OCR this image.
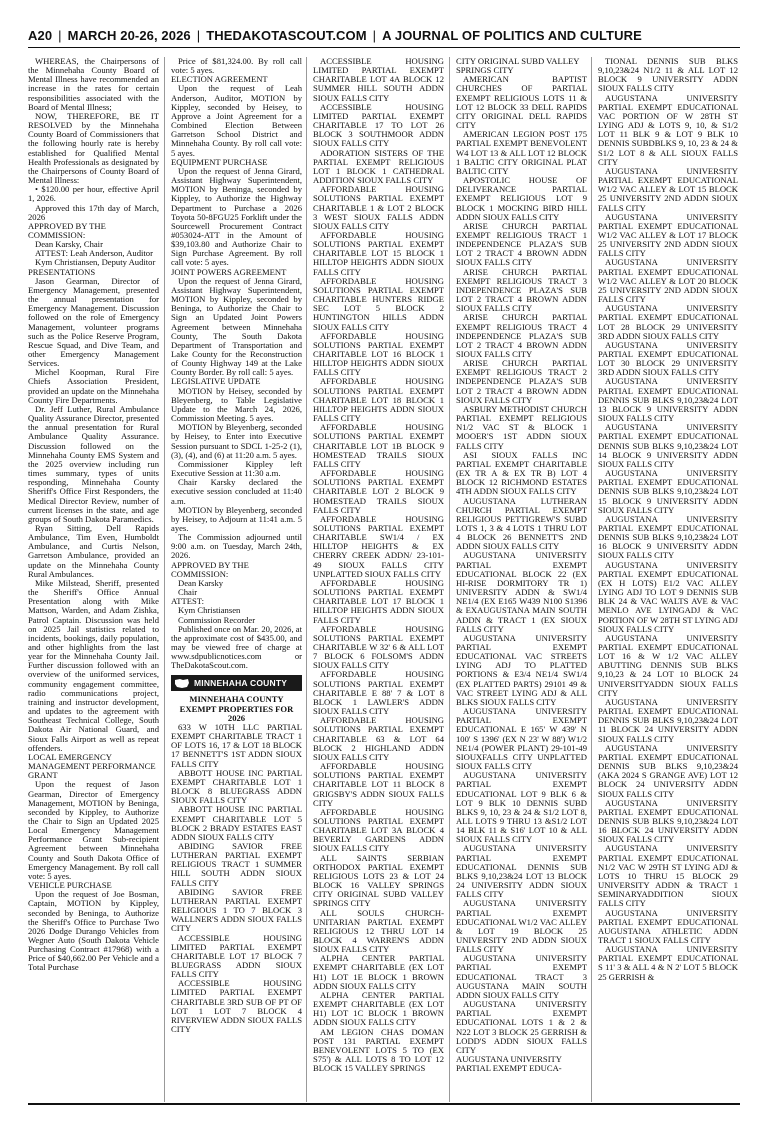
A20 | MARCH 20-26, 2026 | THEDAKOTASCOUT.COM | A JOURNAL OF POLITICS AND CULTURE

WHEREAS, the Chairpersons of the Minnehaha County Board of Mental Illness have recommended an increase in the rates for certain responsibilities associated with the Board of Mental Illness;

NOW, THEREFORE, BE IT RESOLVED by the Minnehaha County Board of Commissioners that the following hourly rate is hereby established for Qualified Mental Health Professionals as designated by the Chairpersons of County Board of Mental Illness:

• $120.00 per hour, effective April 1, 2026.

Approved this 17th day of March, 2026

APPROVED BY THE COMMISSION:

Dean Karsky, Chair

ATTEST: Leah Anderson, Auditor

Kym Christiansen, Deputy Auditor

PRESENTATIONS

Jason Gearman, Director of Emergency Management, presented the annual presentation for Emergency Management. Discussion followed on the role of Emergency Management, volunteer programs such as the Police Reserve Program, Rescue Squad, and Dive Team, and other Emergency Management Services.

Michel Koopman, Rural Fire Chiefs Association President, provided an update on the Minnehaha County Fire Departments.

Dr. Jeff Luther, Rural Ambulance Quality Assurance Director, presented the annual presentation for Rural Ambulance Quality Assurance. Discussion followed on the Minnehaha County EMS System and the 2025 overview including run times summary, types of units responding, Minnehaha County Sheriff's Office First Responders, the Medical Director Review, number of current licenses in the state, and age groups of South Dakota Paramedics.

Ryan Sitting, Dell Rapids Ambulance, Tim Even, Humboldt Ambulance, and Curtis Nelson, Garretson Ambulance, provided an update on the Minnehaha County Rural Ambulances.

Mike Milstead, Sheriff, presented the Sheriff's Office Annual Presentation along with Mike Mattson, Warden, and Adam Zishka, Patrol Captain. Discussion was held on 2025 Jail statistics related to incidents, bookings, daily population, and other highlights from the last year for the Minnehaha County Jail. Further discussion followed with an overview of the uniformed services, community engagement committee, radio communications project, training and instructor development, and updates to the agreement with Southeast Technical College, South Dakota Air National Guard, and Sioux Falls Airport as well as repeat offenders.

LOCAL EMERGENCY MANAGEMENT PERFORMANCE GRANT

Upon the request of Jason Gearman, Director of Emergency Management, MOTION by Beninga, seconded by Kippley, to Authorize the Chair to Sign an Updated 2025 Local Emergency Management Performance Grant Sub-recipient Agreement between Minnehaha County and South Dakota Office of Emergency Management. By roll call vote: 5 ayes.

VEHICLE PURCHASE

Upon the request of Joe Bosman, Captain, MOTION by Kippley, seconded by Beninga, to Authorize the Sheriff's Office to Purchase Two 2026 Dodge Durango Vehicles from Wegner Auto (South Dakota Vehicle Purchasing Contract #17968) with a Price of $40,662.00 Per Vehicle and a Total Purchase

Price of $81,324.00. By roll call vote: 5 ayes.

ELECTION AGREEMENT

Upon the request of Leah Anderson, Auditor, MOTION by Kippley, seconded by Heisey, to Approve a Joint Agreement for a Combined Election Between Garretson School District and Minnehaha County. By roll call vote: 5 ayes.

EQUIPMENT PURCHASE

Upon the request of Jenna Girard, Assistant Highway Superintendent, MOTION by Beninga, seconded by Kippley, to Authorize the Highway Department to Purchase a 2026 Toyota 50-8FGU25 Forklift under the Sourcewell Procurement Contract #053024-ATT in the Amount of $39,103.80 and Authorize Chair to Sign Purchase Agreement. By roll call vote: 5 ayes.

JOINT POWERS AGREEMENT

Upon the request of Jenna Girard, Assistant Highway Superintendent, MOTION by Kippley, seconded by Beninga, to Authorize the Chair to Sign an Updated Joint Powers Agreement between Minnehaha County, The South Dakota Department of Transportation and Lake County for the Reconstruction of County Highway 149 at the Lake County Border. By roll call: 5 ayes.

LEGISLATIVE UPDATE

MOTION by Heisey, seconded by Bleyenberg, to Table Legislative Update to the March 24, 2026, Commission Meeting. 5 ayes.

MOTION by Bleyenberg, seconded by Heisey, to Enter into Executive Session pursuant to SDCL 1-25-2 (1), (3), (4), and (6) at 11:20 a.m. 5 ayes.

Commissioner Kippley left Executive Session at 11:30 a.m.

Chair Karsky declared the executive session concluded at 11:40 a.m.

MOTION by Bleyenberg, seconded by Heisey, to Adjourn at 11:41 a.m. 5 ayes.

The Commission adjourned until 9:00 a.m. on Tuesday, March 24th, 2026.

APPROVED BY THE COMMISSION:

Dean Karsky

Chair

ATTEST:

Kym Christiansen

Commission Recorder

Published once on Mar. 20, 2026, at the approximate cost of $435.00, and may be viewed free of charge at www.sdpublicnotices.com or TheDakotaScout.com.

MINNEHAHA COUNTY

MINNEHAHA COUNTY EXEMPT PROPERTIES FOR 2026

633 W 10TH LLC PARTIAL EXEMPT CHARITABLE TRACT 1 OF LOTS 16, 17 & LOT 18 BLOCK 17 BENNETT'S 1ST ADDN SIOUX FALLS CITY

ABBOTT HOUSE INC PARTIAL EXEMPT CHARITABLE LOT 1 BLOCK 8 BLUEGRASS ADDN SIOUX FALLS CITY

ABBOTT HOUSE INC PARTIAL EXEMPT CHARITABLE LOT 5 BLOCK 2 BRADY ESTATES EAST ADDN SIOUX FALLS CITY

ABIDING SAVIOR FREE LUTHERAN PARTIAL EXEMPT RELIGIOUS TRACT 1 SUMMER HILL SOUTH ADDN SIOUX FALLS CITY

ABIDING SAVIOR FREE LUTHERAN PARTIAL EXEMPT RELIGIOUS 1 TO 7 BLOCK 3 WALLNER'S ADDN SIOUX FALLS CITY

ACCESSIBLE HOUSING LIMITED PARTIAL EXEMPT CHARITABLE LOT 17 BLOCK 7 BLUEGRASS ADDN SIOUX FALLS CITY

ACCESSIBLE HOUSING LIMITED PARTIAL EXEMPT CHARITABLE 3RD SUB OF PT OF LOT 1 LOT 7 BLOCK 4 RIVERVIEW ADDN SIOUX FALLS CITY

ACCESSIBLE HOUSING LIMITED PARTIAL EXEMPT CHARITABLE LOT 4A BLOCK 12 SUMMER HILL SOUTH ADDN SIOUX FALLS CITY

ACCESSIBLE HOUSING LIMITED PARTIAL EXEMPT CHARITABLE 17 TO LOT 26 BLOCK 3 SOUTHMOOR ADDN SIOUX FALLS CITY

ADORATION SISTERS OF THE PARTIAL EXEMPT RELIGIOUS LOT 1 BLOCK 1 CATHEDRAL ADDITION SIOUX FALLS CITY

AFFORDABLE HOUSING SOLUTIONS PARTIAL EXEMPT CHARITABLE 1 & LOT 2 BLOCK 3 WEST SIOUX FALLS ADDN SIOUX FALLS CITY

AFFORDABLE HOUSING SOLUTIONS PARTIAL EXEMPT CHARITABLE LOT 15 BLOCK 1 HILLTOP HEIGHTS ADDN SIOUX FALLS CITY

AFFORDABLE HOUSING SOLUTIONS PARTIAL EXEMPT CHARITABLE HUNTERS RIDGE SEC LOT 5 BLOCK 2 HUNTINGTON HILLS ADDN SIOUX FALLS CITY

AFFORDABLE HOUSING SOLUTIONS PARTIAL EXEMPT CHARITABLE LOT 16 BLOCK 1 HILLTOP HEIGHTS ADDN SIOUX FALLS CITY

AFFORDABLE HOUSING SOLUTIONS PARTIAL EXEMPT CHARITABLE LOT 18 BLOCK 1 HILLTOP HEIGHTS ADDN SIOUX FALLS CITY

AFFORDABLE HOUSING SOLUTIONS PARTIAL EXEMPT CHARITABLE LOT 1B BLOCK 9 HOMESTEAD TRAILS SIOUX FALLS CITY

AFFORDABLE HOUSING SOLUTIONS PARTIAL EXEMPT CHARITABLE LOT 2 BLOCK 9 HOMESTEAD TRAILS SIOUX FALLS CITY

AFFORDABLE HOUSING SOLUTIONS PARTIAL EXEMPT CHARITABLE SW1/4 / EX HILLTOP HEIGHTS & EX CHERRY CREEK ADDN/ 23-101-49 SIOUX FALLS CITY UNPLATTED SIOUX FALLS CITY

AFFORDABLE HOUSING SOLUTIONS PARTIAL EXEMPT CHARITABLE LOT 17 BLOCK 1 HILLTOP HEIGHTS ADDN SIOUX FALLS CITY

AFFORDABLE HOUSING SOLUTIONS PARTIAL EXEMPT CHARITABLE W 32' 6 & ALL LOT 7 BLOCK 6 FOLSOM'S ADDN SIOUX FALLS CITY

AFFORDABLE HOUSING SOLUTIONS PARTIAL EXEMPT CHARITABLE E 88' 7 & LOT 8 BLOCK 1 LAWLER'S ADDN SIOUX FALLS CITY

AFFORDABLE HOUSING SOLUTIONS PARTIAL EXEMPT CHARITABLE 63 & LOT 64 BLOCK 2 HIGHLAND ADDN SIOUX FALLS CITY

AFFORDABLE HOUSING SOLUTIONS PARTIAL EXEMPT CHARITABLE LOT 11 BLOCK 8 GRIGSBY'S ADDN SIOUX FALLS CITY

AFFORDABLE HOUSING SOLUTIONS PARTIAL EXEMPT CHARITABLE LOT 3A BLOCK 4 BEVERLY GARDENS ADDN SIOUX FALLS CITY

ALL SAINTS SERBIAN ORTHODOX PARTIAL EXEMPT RELIGIOUS LOTS 23 & LOT 24 BLOCK 16 VALLEY SPRINGS CITY ORIGINAL SUBD VALLEY SPRINGS CITY

ALL SOULS CHURCH-UNITARIAN PARTIAL EXEMPT RELIGIOUS 12 THRU LOT 14 BLOCK 4 WARREN'S ADDN SIOUX FALLS CITY

ALPHA CENTER PARTIAL EXEMPT CHARITABLE (EX LOT H1) LOT 1E BLOCK 1 BROWN ADDN SIOUX FALLS CITY

ALPHA CENTER PARTIAL EXEMPT CHARITABLE (EX LOT H1) LOT 1C BLOCK 1 BROWN ADDN SIOUX FALLS CITY

AM LEGION CHAS DOMAN POST 131 PARTIAL EXEMPT BENEVOLENT LOTS 5 TO (EX S75') & ALL LOTS 8 TO LOT 12 BLOCK 15 VALLEY SPRINGS

CITY ORIGINAL SUBD VALLEY SPRINGS CITY

AMERICAN BAPTIST CHURCHES OF PARTIAL EXEMPT RELIGIOUS LOTS 11 & LOT 12 BLOCK 33 DELL RAPIDS CITY ORIGINAL DELL RAPIDS CITY

AMERICAN LEGION POST 175 PARTIAL EXEMPT BENEVOLENT W4 LOT 13 & ALL LOT 12 BLOCK 1 BALTIC CITY ORIGINAL PLAT BALTIC CITY

APOSTOLIC HOUSE OF DELIVERANCE PARTIAL EXEMPT RELIGIOUS LOT 9 BLOCK 1 MOCKING BIRD HILL ADDN SIOUX FALLS CITY

ARISE CHURCH PARTIAL EXEMPT RELIGIOUS TRACT 1 INDEPENDENCE PLAZA'S SUB LOT 2 TRACT 4 BROWN ADDN SIOUX FALLS CITY

ARISE CHURCH PARTIAL EXEMPT RELIGIOUS TRACT 3 INDEPENDENCE PLAZA'S SUB LOT 2 TRACT 4 BROWN ADDN SIOUX FALLS CITY

ARISE CHURCH PARTIAL EXEMPT RELIGIOUS TRACT 4 INDEPENDENCE PLAZA'S SUB LOT 2 TRACT 4 BROWN ADDN SIOUX FALLS CITY

ARISE CHURCH PARTIAL EXEMPT RELIGIOUS TRACT 2 INDEPENDENCE PLAZA'S SUB LOT 2 TRACT 4 BROWN ADDN SIOUX FALLS CITY

ASBURY METHODIST CHURCH PARTIAL EXEMPT RELIGIOUS N1/2 VAC ST & BLOCK 1 MOOER'S 1ST ADDN SIOUX FALLS CITY

ASI SIOUX FALLS INC PARTIAL EXEMPT CHARITABLE (EX TR A & EX TR B) LOT 4 BLOCK 12 RICHMOND ESTATES 4TH ADDN SIOUX FALLS CITY

AUGUSTANA LUTHERAN CHURCH PARTIAL EXEMPT RELIGIOUS PETTIGREW'S SUBD LOTS 1, 3 & 4 LOTS 1 THRU LOT 4 BLOCK 26 BENNETT'S 2ND ADDN SIOUX FALLS CITY

AUGUSTANA UNIVERSITY PARTIAL EXEMPT EDUCATIONAL BLOCK 22 (EX HI-RISE DORMITORY TR 1) UNIVERSITY ADDN & SW1/4 NE1/4 (EX E165 W439 N100 S1396 & EXAUGUSTANA MAIN SOUTH ADDN & TRACT 1 (EX SIOUX FALLS CITY

AUGUSTANA UNIVERSITY PARTIAL EXEMPT EDUCATIONAL VAC STREETS LYING ADJ TO PLATTED PORTIONS & E3/4 NE1/4 SW1/4 (EX PLATTED PARTS) 29101 49 & VAC STREET LYING ADJ & ALL BLKS SIOUX FALLS CITY

AUGUSTANA UNIVERSITY PARTIAL EXEMPT EDUCATIONAL E 165' W 439' N 100' S 1396' (EX N 23' W 88') W1/2 NE1/4 (POWER PLANT) 29-101-49 SIOUXFALLS CITY UNPLATTED SIOUX FALLS CITY

AUGUSTANA UNIVERSITY PARTIAL EXEMPT EDUCATIONAL LOT 9 BLK 6 & LOT 9 BLK 10 DENNIS SUBD BLKS 9, 10, 23 & 24 & S1/2 LOT 8, ALL LOTS 9 THRU 13 &S1/2 LOT 14 BLK 11 & S16' LOT 10 & ALL SIOUX FALLS CITY

AUGUSTANA UNIVERSITY PARTIAL EXEMPT EDUCATIONAL DENNIS SUB BLKS 9,10,23&24 LOT 13 BLOCK 24 UNIVERSITY ADDN SIOUX FALLS CITY

AUGUSTANA UNIVERSITY PARTIAL EXEMPT EDUCATIONAL W1/2 VAC ALLEY & LOT 19 BLOCK 25 UNIVERSITY 2ND ADDN SIOUX FALLS CITY

AUGUSTANA UNIVERSITY PARTIAL EXEMPT EDUCATIONAL TRACT 3 AUGUSTANA MAIN SOUTH ADDN SIOUX FALLS CITY

AUGUSTANA UNIVERSITY PARTIAL EXEMPT EDUCATIONAL LOTS 1 & 2 & N22 LOT 3 BLOCK 25 GERRISH & LODD'S ADDN SIOUX FALLS CITY

AUGUSTANA UNIVERSITY PARTIAL EXEMPT EDUCA-

TIONAL DENNIS SUB BLKS 9,10,23&24 N1/2 11 & ALL LOT 12 BLOCK 9 UNIVERSITY ADDN SIOUX FALLS CITY

AUGUSTANA UNIVERSITY PARTIAL EXEMPT EDUCATIONAL VAC PORTION OF W 28TH ST LYING ADJ & LOTS 9, 10, & S1/2 LOT 11 BLK 9 & LOT 9 BLK 10 DENNIS SUBDBLKS 9, 10, 23 & 24 & S1/2 LOT 8 & ALL SIOUX FALLS CITY

AUGUSTANA UNIVERSITY PARTIAL EXEMPT EDUCATIONAL W1/2 VAC ALLEY & LOT 15 BLOCK 25 UNIVERSITY 2ND ADDN SIOUX FALLS CITY

AUGUSTANA UNIVERSITY PARTIAL EXEMPT EDUCATIONAL W1/2 VAC ALLEY & LOT 17 BLOCK 25 UNIVERSITY 2ND ADDN SIOUX FALLS CITY

AUGUSTANA UNIVERSITY PARTIAL EXEMPT EDUCATIONAL W1/2 VAC ALLEY & LOT 20 BLOCK 25 UNIVERSITY 2ND ADDN SIOUX FALLS CITY

AUGUSTANA UNIVERSITY PARTIAL EXEMPT EDUCATIONAL LOT 28 BLOCK 29 UNIVERSITY 3RD ADDN SIOUX FALLS CITY

AUGUSTANA UNIVERSITY PARTIAL EXEMPT EDUCATIONAL LOT 30 BLOCK 29 UNIVERSITY 3RD ADDN SIOUX FALLS CITY

AUGUSTANA UNIVERSITY PARTIAL EXEMPT EDUCATIONAL DENNIS SUB BLKS 9,10,23&24 LOT 13 BLOCK 9 UNIVERSITY ADDN SIOUX FALLS CITY

AUGUSTANA UNIVERSITY PARTIAL EXEMPT EDUCATIONAL DENNIS SUB BLKS 9,10,23&24 LOT 14 BLOCK 9 UNIVERSITY ADDN SIOUX FALLS CITY

AUGUSTANA UNIVERSITY PARTIAL EXEMPT EDUCATIONAL DENNIS SUB BLKS 9,10,23&24 LOT 15 BLOCK 9 UNIVERSITY ADDN SIOUX FALLS CITY

AUGUSTANA UNIVERSITY PARTIAL EXEMPT EDUCATIONAL DENNIS SUB BLKS 9,10,23&24 LOT 16 BLOCK 9 UNIVERSITY ADDN SIOUX FALLS CITY

AUGUSTANA UNIVERSITY PARTIAL EXEMPT EDUCATIONAL (EX H LOTS) E1/2 VAC ALLEY LYING ADJ TO LOT 9 DENNIS SUB BLK 24 & VAC WALTS AVE & VAC MENLO AVE LYINGADJ & VAC PORTION OF W 28TH ST LYING ADJ SIOUX FALLS CITY

AUGUSTANA UNIVERSITY PARTIAL EXEMPT EDUCATIONAL LOT 16 & W 1/2 VAC ALLEY ABUTTING DENNIS SUB BLKS 9,10,23 & 24 LOT 10 BLOCK 24 UNIVERSITYADDN SIOUX FALLS CITY

AUGUSTANA UNIVERSITY PARTIAL EXEMPT EDUCATIONAL DENNIS SUB BLKS 9,10,23&24 LOT 11 BLOCK 24 UNIVERSITY ADDN SIOUX FALLS CITY

AUGUSTANA UNIVERSITY PARTIAL EXEMPT EDUCATIONAL DENNIS SUB BLKS 9,10,23&24 (AKA 2024 S GRANGE AVE) LOT 12 BLOCK 24 UNIVERSITY ADDN SIOUX FALLS CITY

AUGUSTANA UNIVERSITY PARTIAL EXEMPT EDUCATIONAL DENNIS SUB BLKS 9,10,23&24 LOT 16 BLOCK 24 UNIVERSITY ADDN SIOUX FALLS CITY

AUGUSTANA UNIVERSITY PARTIAL EXEMPT EDUCATIONAL N1/2 VAC W 29TH ST LYING ADJ & LOTS 10 THRU 15 BLOCK 29 UNIVERSITY ADDN & TRACT 1 SEMINARYADDITION SIOUX FALLS CITY

AUGUSTANA UNIVERSITY PARTIAL EXEMPT EDUCATIONAL AUGUSTANA ATHLETIC ADDN TRACT 1 SIOUX FALLS CITY

AUGUSTANA UNIVERSITY PARTIAL EXEMPT EDUCATIONAL S 11' 3 & ALL 4 & N 2' LOT 5 BLOCK 25 GERRISH &
